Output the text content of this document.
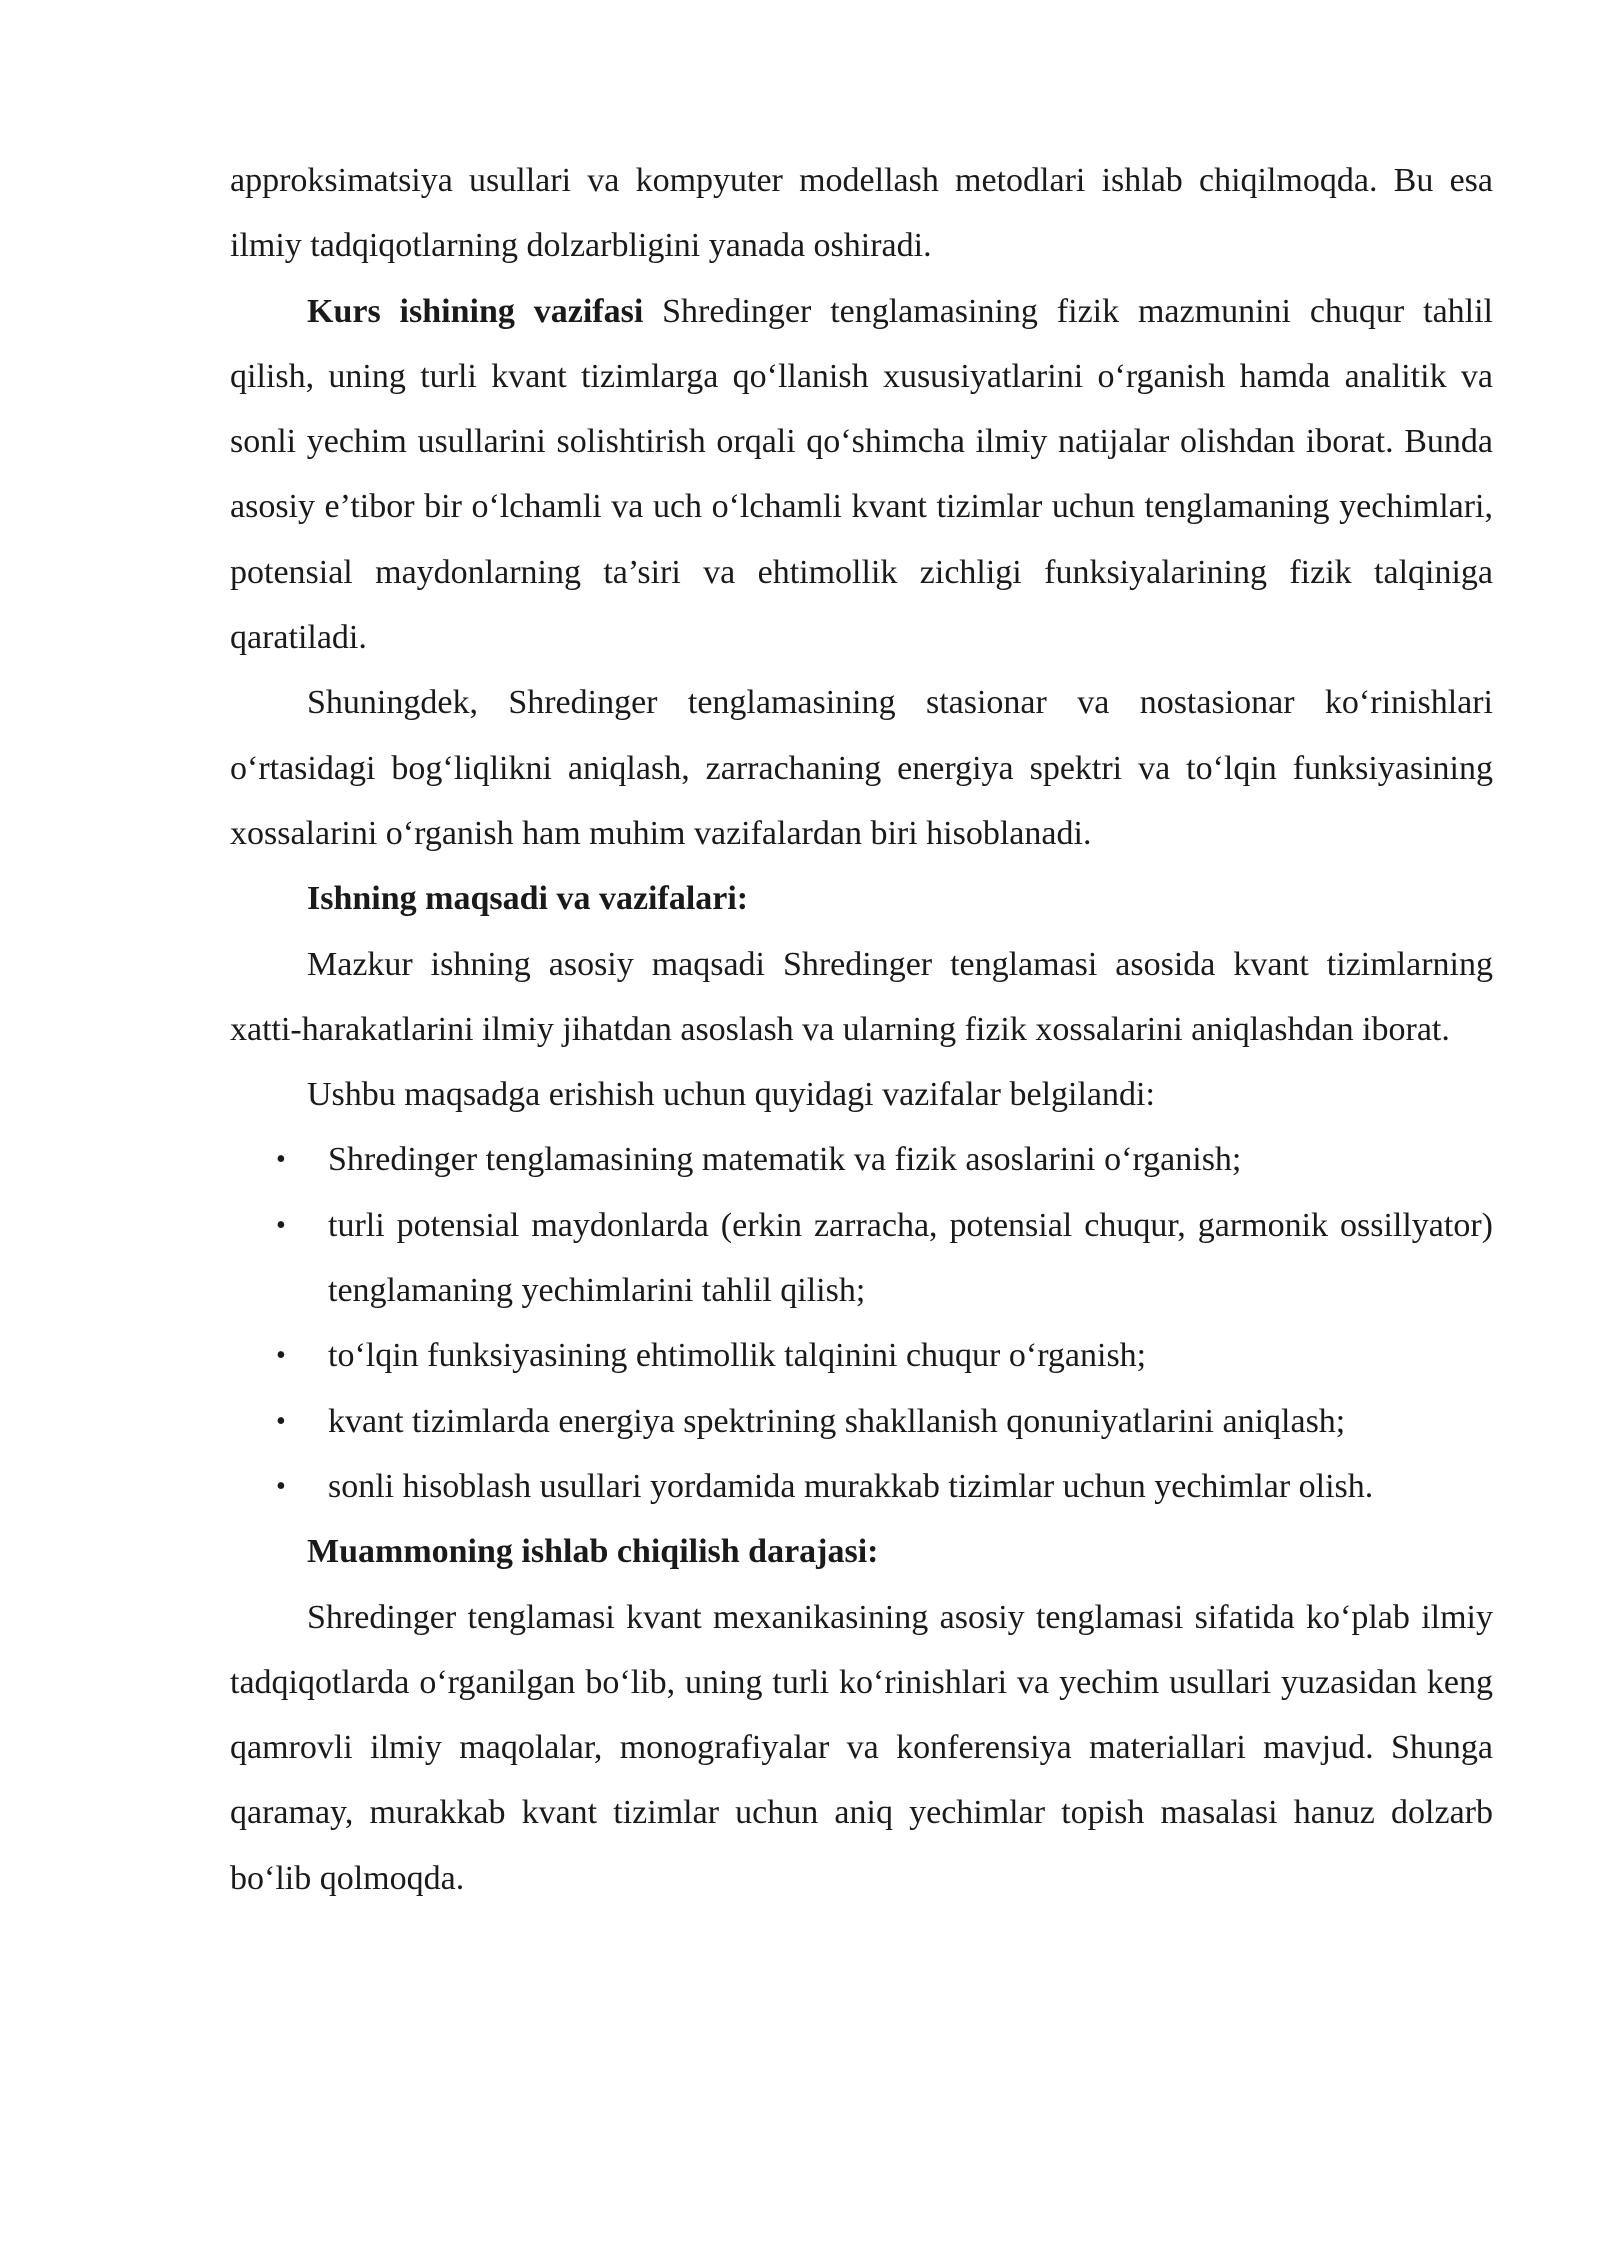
approksimatsiya usullari va kompyuter modellash metodlari ishlab chiqilmoqda. Bu esa ilmiy tadqiqotlarning dolzarbligini yanada oshiradi.

Kurs ishining vazifasi Shredinger tenglamasining fizik mazmunini chuqur tahlil qilish, uning turli kvant tizimlarga qo‘llanish xususiyatlarini o‘rganish hamda analitik va sonli yechim usullarini solishtirish orqali qo‘shimcha ilmiy natijalar olishdan iborat. Bunda asosiy e’tibor bir o‘lchamli va uch o‘lchamli kvant tizimlar uchun tenglamaning yechimlari, potensial maydonlarning ta’siri va ehtimollik zichligi funksiyalarining fizik talqiniga qaratiladi.

Shuningdek, Shredinger tenglamasining stasionar va nostasionar ko‘rinishlari o‘rtasidagi bog‘liqlikni aniqlash, zarrachaning energiya spektri va to‘lqin funksiyasining xossalarini o‘rganish ham muhim vazifalardan biri hisoblanadi.

Ishning maqsadi va vazifalari:

Mazkur ishning asosiy maqsadi Shredinger tenglamasi asosida kvant tizimlarning xatti-harakatlarini ilmiy jihatdan asoslash va ularning fizik xossalarini aniqlashdan iborat.

Ushbu maqsadga erishish uchun quyidagi vazifalar belgilandi:

• Shredinger tenglamasining matematik va fizik asoslarini o‘rganish;
• turli potensial maydonlarda (erkin zarracha, potensial chuqur, garmonik ossillyator) tenglamaning yechimlarini tahlil qilish;
• to‘lqin funksiyasining ehtimollik talqinini chuqur o‘rganish;
• kvant tizimlarda energiya spektrining shakllanish qonuniyatlarini aniqlash;
• sonli hisoblash usullari yordamida murakkab tizimlar uchun yechimlar olish.

Muammoning ishlab chiqilish darajasi:

Shredinger tenglamasi kvant mexanikasining asosiy tenglamasi sifatida ko‘plab ilmiy tadqiqotlarda o‘rganilgan bo‘lib, uning turli ko‘rinishlari va yechim usullari yuzasidan keng qamrovli ilmiy maqolalar, monografiyalar va konferensiya materiallari mavjud. Shunga qaramay, murakkab kvant tizimlar uchun aniq yechimlar topish masalasi hanuz dolzarb bo‘lib qolmoqda.
